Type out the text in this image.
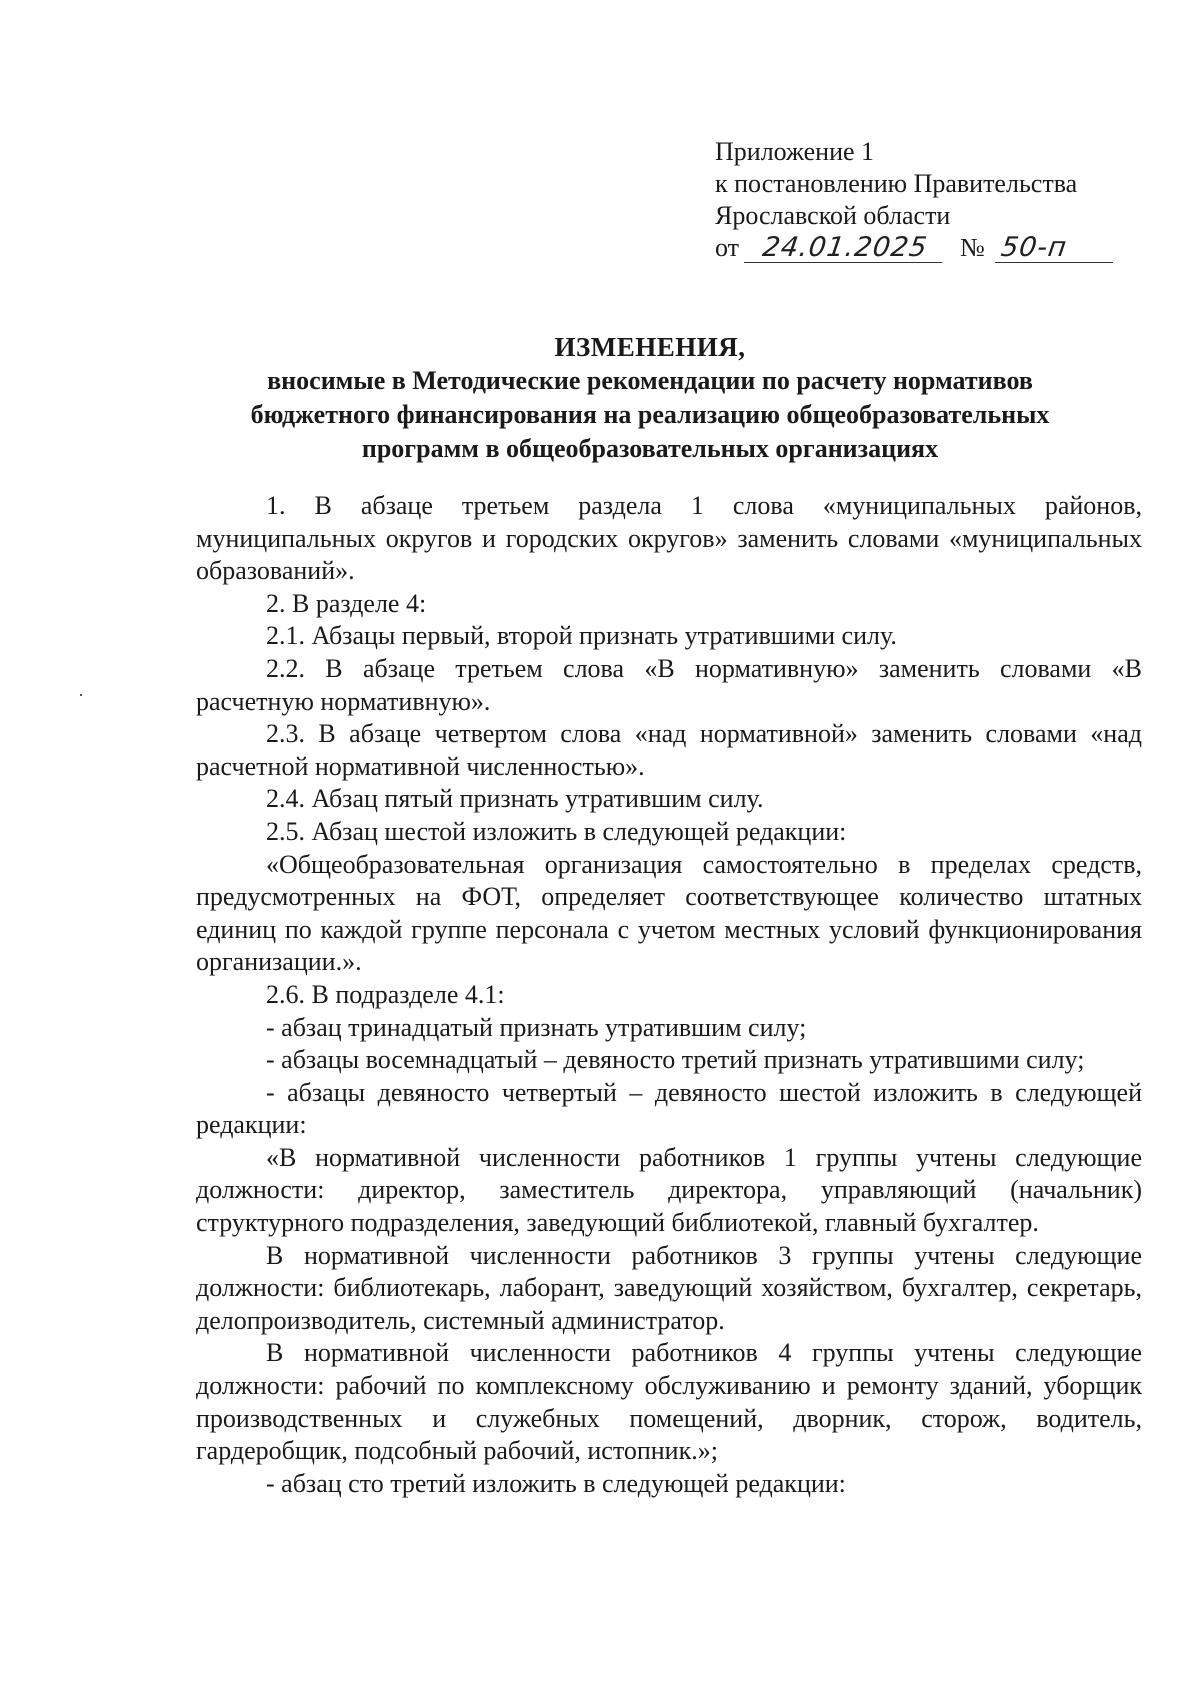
Приложение 1
к постановлению Правительства
Ярославской области
от 24.01.2025 № 50-п
ИЗМЕНЕНИЯ,
вносимые в Методические рекомендации по расчету нормативов
бюджетного финансирования на реализацию общеобразовательных
программ в общеобразовательных организациях

1. В абзаце третьем раздела 1 слова «муниципальных районов, муниципальных округов и городских округов» заменить словами «муниципальных образований».

2. В разделе 4:

2.1. Абзацы первый, второй признать утратившими силу.

2.2. В абзаце третьем слова «В нормативную» заменить словами «В расчетную нормативную».

2.3. В абзаце четвертом слова «над нормативной» заменить словами «над расчетной нормативной численностью».

2.4. Абзац пятый признать утратившим силу.

2.5. Абзац шестой изложить в следующей редакции:

«Общеобразовательная организация самостоятельно в пределах средств, предусмотренных на ФОТ, определяет соответствующее количество штатных единиц по каждой группе персонала с учетом местных условий функционирования организации.».

2.6. В подразделе 4.1:

- абзац тринадцатый признать утратившим силу;

- абзацы восемнадцатый – девяносто третий признать утратившими силу;

- абзацы девяносто четвертый – девяносто шестой изложить в следующей редакции:

«В нормативной численности работников 1 группы учтены следующие должности: директор, заместитель директора, управляющий (начальник) структурного подразделения, заведующий библиотекой, главный бухгалтер.

В нормативной численности работников 3 группы учтены следующие должности: библиотекарь, лаборант, заведующий хозяйством, бухгалтер, секретарь, делопроизводитель, системный администратор.

В нормативной численности работников 4 группы учтены следующие должности: рабочий по комплексному обслуживанию и ремонту зданий, уборщик производственных и служебных помещений, дворник, сторож, водитель, гардеробщик, подсобный рабочий, истопник.»;

- абзац сто третий изложить в следующей редакции:
